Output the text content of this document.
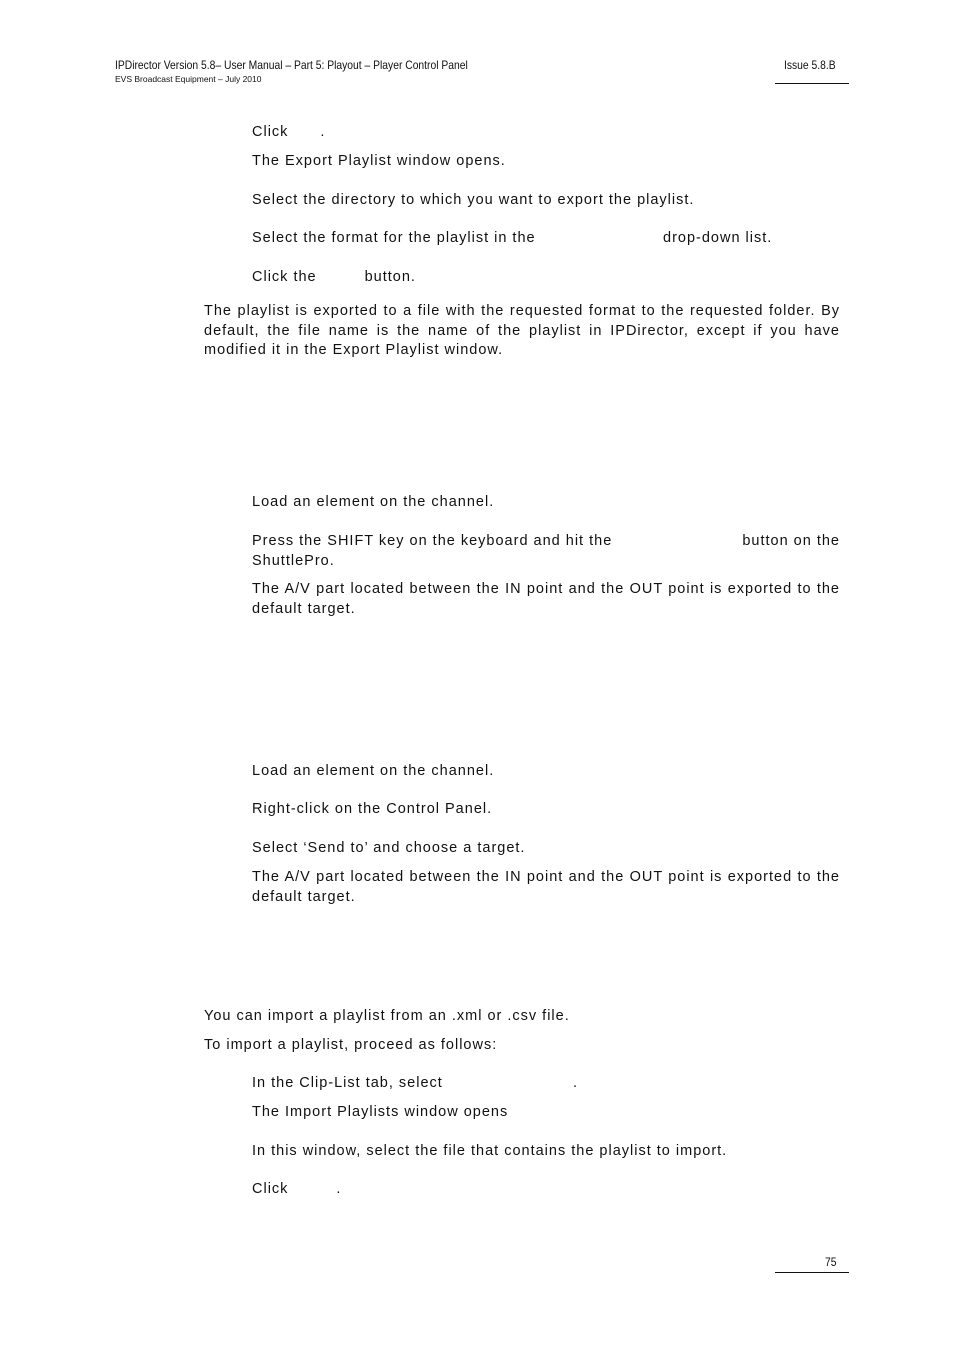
IPDirector Version 5.8– User Manual – Part 5: Playout – Player Control Panel
EVS Broadcast Equipment – July 2010
Issue 5.8.B
Click .
The Export Playlist window opens.
Select the directory to which you want to export the playlist.
Select the format for the playlist in the	drop-down list.
Click the	button.
The playlist is exported to a file with the requested format to the requested folder. By default, the file name is the name of the playlist in IPDirector, except if you have modified it in the Export Playlist window.
Load an element on the channel.
Press the SHIFT key on the keyboard and hit the	button on the
ShuttlePro.
The A/V part located between the IN point and the OUT point is exported to the default target.
Load an element on the channel.
Right-click on the Control Panel.
Select ‘Send to’ and choose a target.
The A/V part located between the IN point and the OUT point is exported to the default target.
You can import a playlist from an .xml or .csv file.
To import a playlist, proceed as follows:
In the Clip-List tab, select	.
The Import Playlists window opens
In this window, select the file that contains the playlist to import.
Click	.
75
